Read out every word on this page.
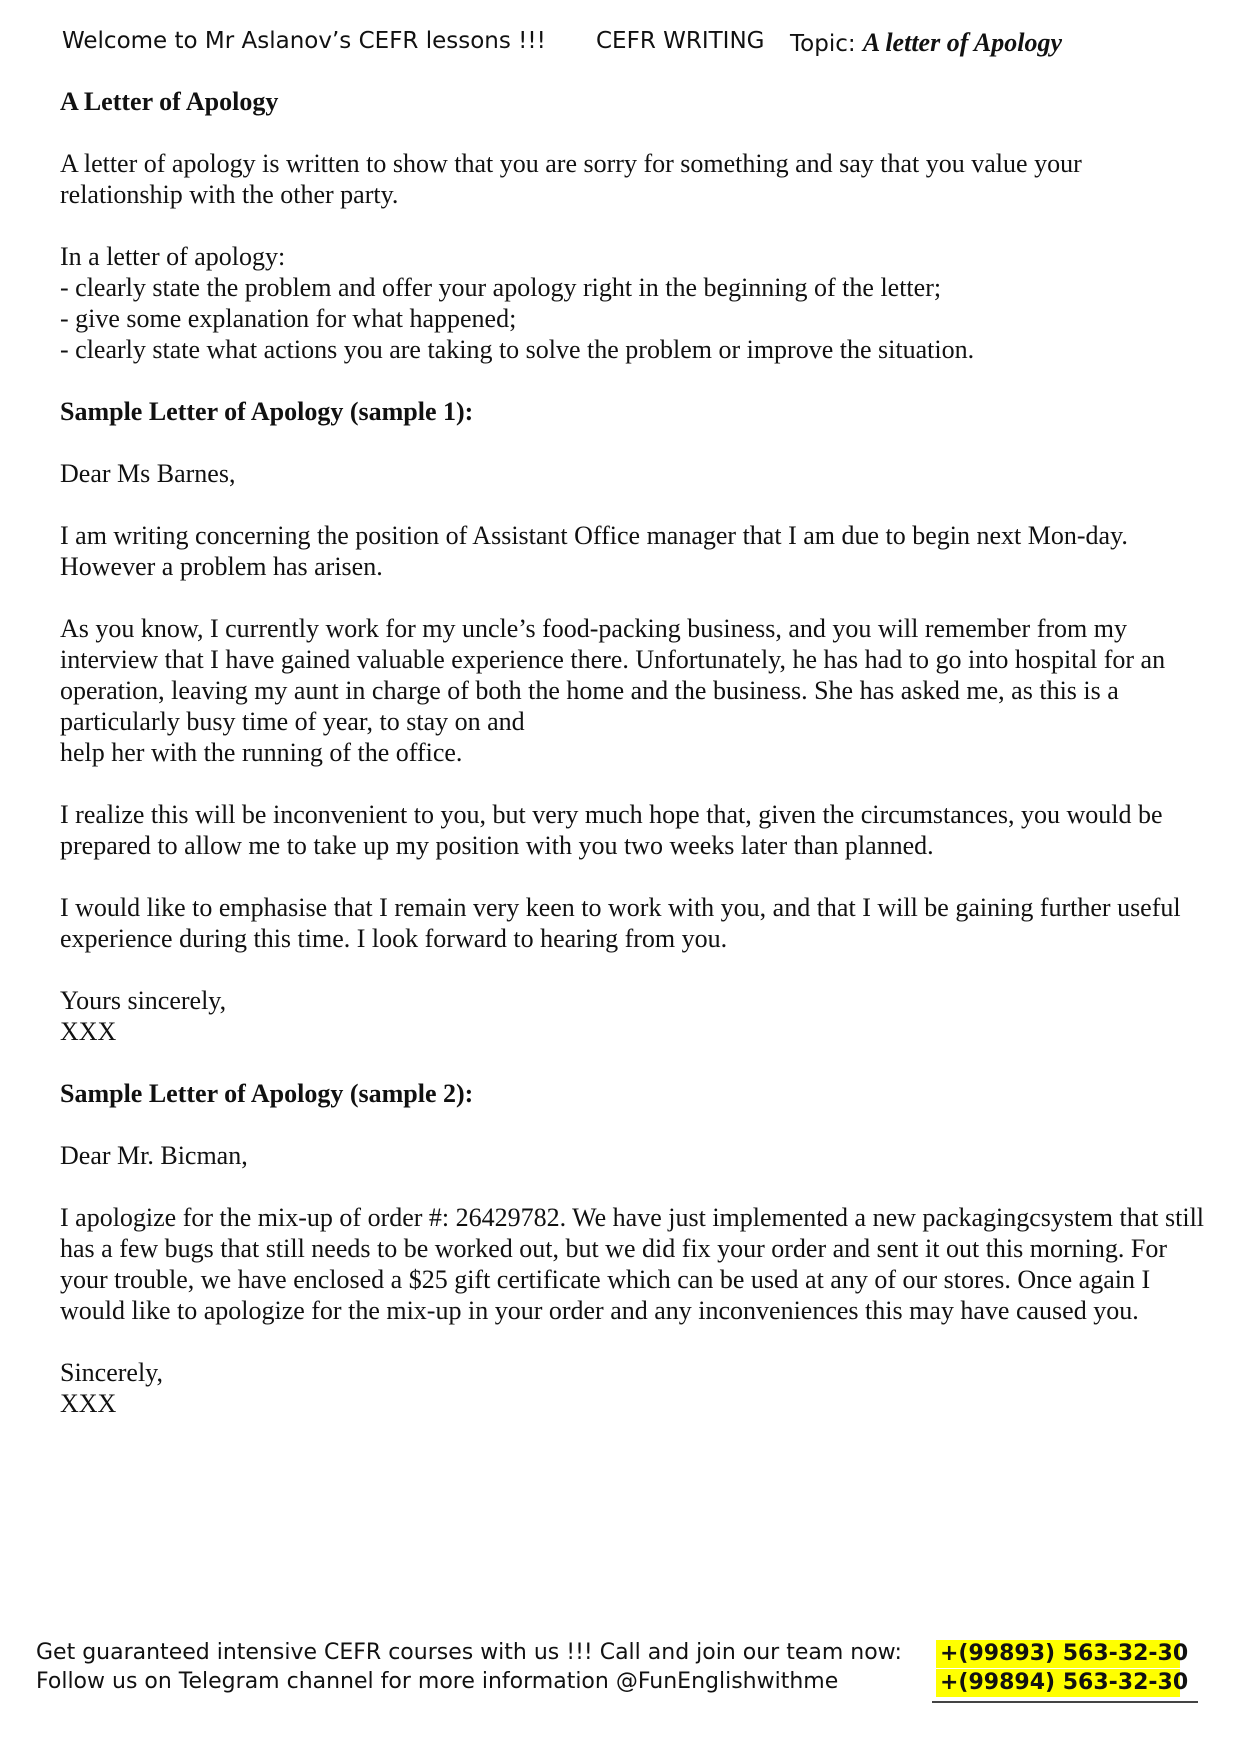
Welcome to Mr Aslanov’s CEFR lessons !!! CEFR WRITING Topic: A letter of Apology

A Letter of Apology

A letter of apology is written to show that you are sorry for something and say that you value your relationship with the other party.

In a letter of apology:
- clearly state the problem and offer your apology right in the beginning of the letter;
- give some explanation for what happened;
- clearly state what actions you are taking to solve the problem or improve the situation.

Sample Letter of Apology (sample 1):

Dear Ms Barnes,

I am writing concerning the position of Assistant Office manager that I am due to begin next Mon-day. However a problem has arisen.

As you know, I currently work for my uncle’s food-packing business, and you will remember from my interview that I have gained valuable experience there. Unfortunately, he has had to go into hospital for an operation, leaving my aunt in charge of both the home and the business. She has asked me, as this is a particularly busy time of year, to stay on and
help her with the running of the office.

I realize this will be inconvenient to you, but very much hope that, given the circumstances, you would be prepared to allow me to take up my position with you two weeks later than planned.

I would like to emphasise that I remain very keen to work with you, and that I will be gaining further useful experience during this time. I look forward to hearing from you.

Yours sincerely,
XXX

Sample Letter of Apology (sample 2):

Dear Mr. Bicman,

I apologize for the mix-up of order #: 26429782. We have just implemented a new packagingcsystem that still has a few bugs that still needs to be worked out, but we did fix your order and sent it out this morning. For your trouble, we have enclosed a $25 gift certificate which can be used at any of our stores. Once again I would like to apologize for the mix-up in your order and any inconveniences this may have caused you.

Sincerely,
XXX

Get guaranteed intensive CEFR courses with us !!! Call and join our team now:
Follow us on Telegram channel for more information @FunEnglishwithme
+(99893) 563-32-30
+(99894) 563-32-30
